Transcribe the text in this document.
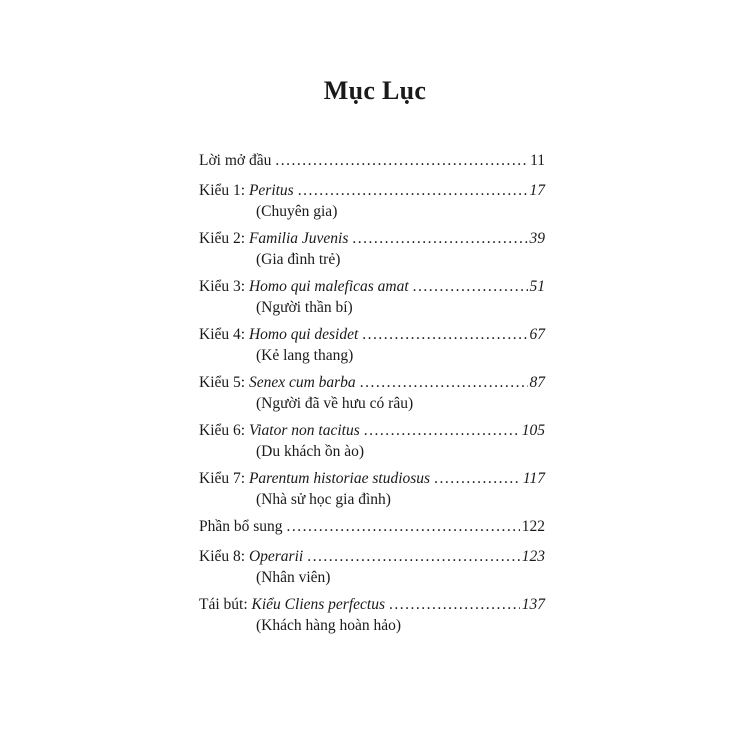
Mục Lục
Lời mở đầu .....	11
Kiểu 1: Peritus .....	17
(Chuyên gia)
Kiểu 2: Familia Juvenis .....	39
(Gia đình trẻ)
Kiểu 3: Homo qui maleficas amat .....	51
(Người thần bí)
Kiểu 4: Homo qui desidet .....	67
(Kẻ lang thang)
Kiểu 5: Senex cum barba .....	87
(Người đã về hưu có râu)
Kiểu 6: Viator non tacitus .....	105
(Du khách ồn ào)
Kiểu 7: Parentum historiae studiosus .....	117
(Nhà sử học gia đình)
Phần bổ sung .....	122
Kiểu 8: Operarii .....	123
(Nhân viên)
Tái bút: Kiểu Cliens perfectus .....	137
(Khách hàng hoàn hảo)
